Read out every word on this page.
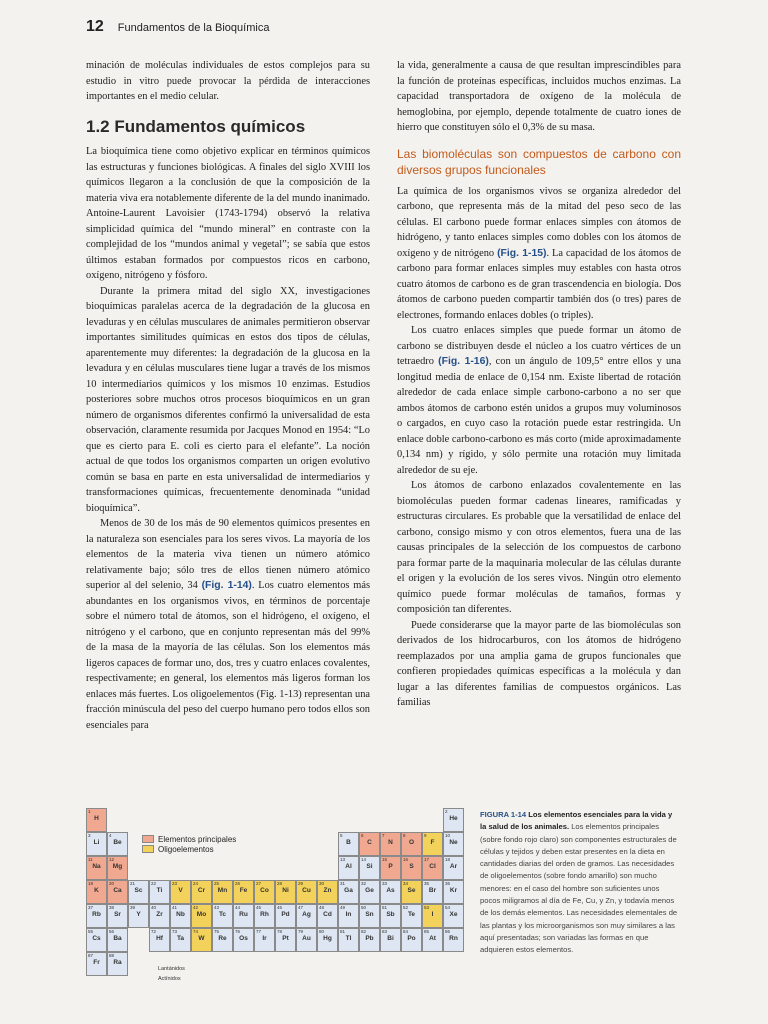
12 Fundamentos de la Bioquímica

minación de moléculas individuales de estos complejos para su estudio in vitro puede provocar la pérdida de interacciones importantes en el medio celular.

1.2 Fundamentos químicos

La bioquímica tiene como objetivo explicar en términos químicos las estructuras y funciones biológicas. A finales del siglo XVIII los químicos llegaron a la conclusión de que la composición de la materia viva era notablemente diferente de la del mundo inanimado. Antoine-Laurent Lavoisier (1743-1794) observó la relativa simplicidad química del “mundo mineral” en contraste con la complejidad de los “mundos animal y vegetal”; se sabía que estos últimos estaban formados por compuestos ricos en carbono, oxígeno, nitrógeno y fósforo.

Durante la primera mitad del siglo XX, investigaciones bioquímicas paralelas acerca de la degradación de la glucosa en levaduras y en células musculares de animales permitieron observar importantes similitudes químicas en estos dos tipos de células, aparentemente muy diferentes: la degradación de la glucosa en la levadura y en células musculares tiene lugar a través de los mismos 10 intermediarios químicos y los mismos 10 enzimas. Estudios posteriores sobre muchos otros procesos bioquímicos en un gran número de organismos diferentes confirmó la universalidad de esta observación, claramente resumida por Jacques Monod en 1954: “Lo que es cierto para E. coli es cierto para el elefante”. La noción actual de que todos los organismos comparten un origen evolutivo común se basa en parte en esta universalidad de intermediarios y transformaciones químicas, frecuentemente denominada “unidad bioquímica”.

Menos de 30 de los más de 90 elementos químicos presentes en la naturaleza son esenciales para los seres vivos. La mayoría de los elementos de la materia viva tienen un número atómico relativamente bajo; sólo tres de ellos tienen número atómico superior al del selenio, 34 (Fig. 1-14). Los cuatro elementos más abundantes en los organismos vivos, en términos de porcentaje sobre el número total de átomos, son el hidrógeno, el oxígeno, el nitrógeno y el carbono, que en conjunto representan más del 99% de la masa de la mayoría de las células. Son los elementos más ligeros capaces de formar uno, dos, tres y cuatro enlaces covalentes, respectivamente; en general, los elementos más ligeros forman los enlaces más fuertes. Los oligoelementos (Fig. 1-13) representan una fracción minúscula del peso del cuerpo humano pero todos ellos son esenciales para

la vida, generalmente a causa de que resultan imprescindibles para la función de proteínas específicas, incluidos muchos enzimas. La capacidad transportadora de oxígeno de la molécula de hemoglobina, por ejemplo, depende totalmente de cuatro iones de hierro que constituyen sólo el 0,3% de su masa.

Las biomoléculas son compuestos de carbono con diversos grupos funcionales

La química de los organismos vivos se organiza alrededor del carbono, que representa más de la mitad del peso seco de las células. El carbono puede formar enlaces simples con átomos de hidrógeno, y tanto enlaces simples como dobles con los átomos de oxígeno y de nitrógeno (Fig. 1-15). La capacidad de los átomos de carbono para formar enlaces simples muy estables con hasta otros cuatro átomos de carbono es de gran trascendencia en biología. Dos átomos de carbono pueden compartir también dos (o tres) pares de electrones, formando enlaces dobles (o triples).

Los cuatro enlaces simples que puede formar un átomo de carbono se distribuyen desde el núcleo a los cuatro vértices de un tetraedro (Fig. 1-16), con un ángulo de 109,5° entre ellos y una longitud media de enlace de 0,154 nm. Existe libertad de rotación alrededor de cada enlace simple carbono-carbono a no ser que ambos átomos de carbono estén unidos a grupos muy voluminosos o cargados, en cuyo caso la rotación puede estar restringida. Un enlace doble carbono-carbono es más corto (mide aproximadamente 0,134 nm) y rígido, y sólo permite una rotación muy limitada alrededor de su eje.

Los átomos de carbono enlazados covalentemente en las biomoléculas pueden formar cadenas lineares, ramificadas y estructuras circulares. Es probable que la versatilidad de enlace del carbono, consigo mismo y con otros elementos, fuera una de las causas principales de la selección de los compuestos de carbono para formar parte de la maquinaria molecular de las células durante el origen y la evolución de los seres vivos. Ningún otro elemento químico puede formar moléculas de tamaños, formas y composición tan diferentes.

Puede considerarse que la mayor parte de las biomoléculas son derivados de los hidrocarburos, con los átomos de hidrógeno reemplazados por una amplia gama de grupos funcionales que confieren propiedades químicas específicas a la molécula y dan lugar a las diferentes familias de compuestos orgánicos. Las familias

1
H
2
He
3
Li
4
Be
5
B
6
C
7
N
8
O
9
F
10
Ne
11
Na
12
Mg
13
Al
14
Si
15
P
16
S
17
Cl
18
Ar
19
K
20
Ca
21
Sc
22
Ti
23
V
24
Cr
25
Mn
26
Fe
27
Co
28
Ni
29
Cu
30
Zn
31
Ga
32
Ge
33
As
34
Se
35
Br
36
Kr
37
Rb
38
Sr
39
Y
40
Zr
41
Nb
42
Mo
43
Tc
44
Ru
45
Rh
46
Pd
47
Ag
48
Cd
49
In
50
Sn
51
Sb
52
Te
53
I
54
Xe
55
Cs
56
Ba
72
Hf
73
Ta
74
W
75
Re
76
Os
77
Ir
78
Pt
79
Au
80
Hg
81
Tl
82
Pb
83
Bi
84
Po
85
At
86
Rn
87
Fr
88
Ra
Elementos principales
Oligoelementos
Lantánidos
Actínidos
FIGURA 1-14 Los elementos esenciales para la vida y la salud de los animales. Los elementos principales (sobre fondo rojo claro) son componentes estructurales de células y tejidos y deben estar presentes en la dieta en cantidades diarias del orden de gramos. Las necesidades de oligoelementos (sobre fondo amarillo) son mucho menores: en el caso del hombre son suficientes unos pocos miligramos al día de Fe, Cu, y Zn, y todavía menos de los demás elementos. Las necesidades elementales de las plantas y los microorganismos son muy similares a las aquí presentadas; son variadas las formas en que adquieren estos elementos.
